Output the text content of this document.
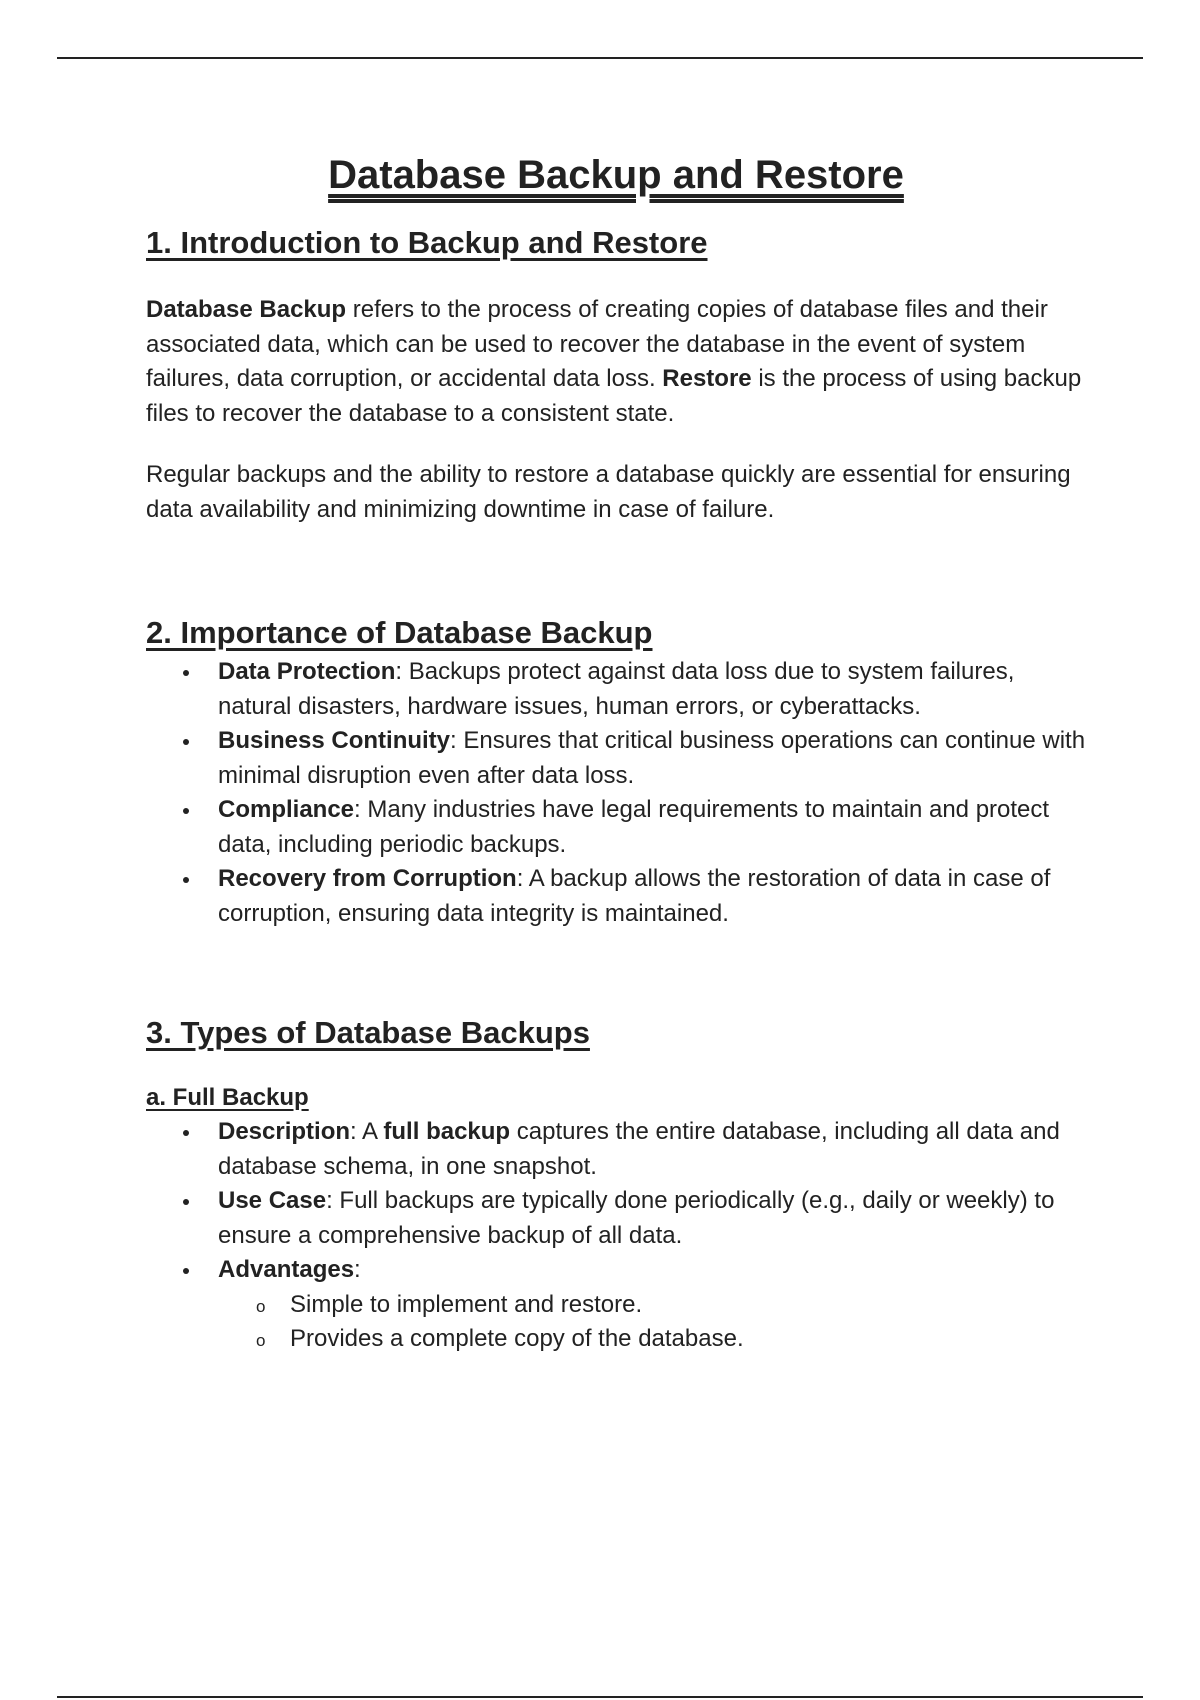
Database Backup and Restore
1. Introduction to Backup and Restore

Database Backup refers to the process of creating copies of database files and their associated data, which can be used to recover the database in the event of system failures, data corruption, or accidental data loss. Restore is the process of using backup files to recover the database to a consistent state.

Regular backups and the ability to restore a database quickly are essential for ensuring data availability and minimizing downtime in case of failure.

2. Importance of Database Backup
Data Protection: Backups protect against data loss due to system failures, natural disasters, hardware issues, human errors, or cyberattacks.
Business Continuity: Ensures that critical business operations can continue with minimal disruption even after data loss.
Compliance: Many industries have legal requirements to maintain and protect data, including periodic backups.
Recovery from Corruption: A backup allows the restoration of data in case of corruption, ensuring data integrity is maintained.
3. Types of Database Backups
a. Full Backup
Description: A full backup captures the entire database, including all data and database schema, in one snapshot.
Use Case: Full backups are typically done periodically (e.g., daily or weekly) to ensure a comprehensive backup of all data.
Advantages:
o Simple to implement and restore.
o Provides a complete copy of the database.
